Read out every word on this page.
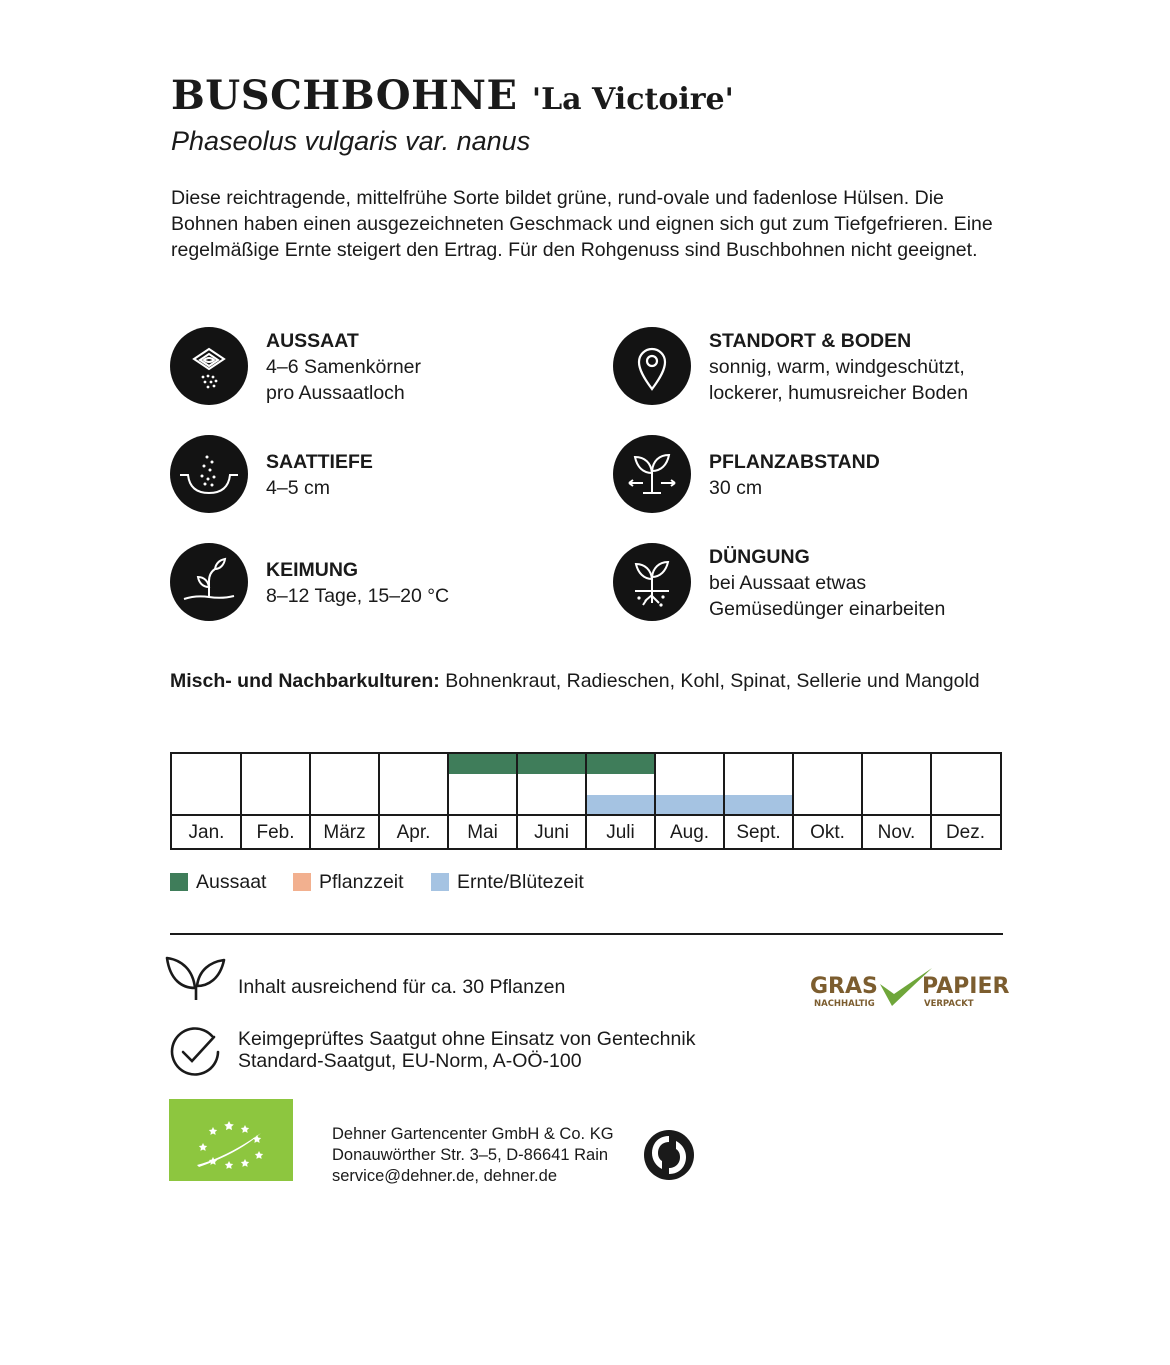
BUSCHBOHNE 'La Victoire'
Phaseolus vulgaris var. nanus

Diese reichtragende, mittelfrühe Sorte bildet grüne, rund-ovale und fadenlose Hülsen. Die

Bohnen haben einen ausgezeichneten Geschmack und eignen sich gut zum Tiefgefrieren. Eine

regelmäßige Ernte steigert den Ertrag. Für den Rohgenuss sind Buschbohnen nicht geeignet.

AUSSAAT
4–6 Samenkörner
pro Aussaatloch
STANDORT & BODEN
sonnig, warm, windgeschützt,
lockerer, humusreicher Boden
SAATTIEFE
4–5 cm
PFLANZABSTAND
30 cm
KEIMUNG
8–12 Tage, 15–20 °C
DÜNGUNG
bei Aussaat etwas
Gemüsedünger einarbeiten
Misch- und Nachbarkulturen: Bohnenkraut, Radieschen, Kohl, Spinat, Sellerie und Mangold
Jan.	Feb.	März	Apr.	Mai	Juni	Juli	Aug.	Sept.	Okt.	Nov.	Dez.
Aussaat	Pflanzzeit	Ernte/Blütezeit
Inhalt ausreichend für ca. 30 Pflanzen
Keimgeprüftes Saatgut ohne Einsatz von Gentechnik
Standard-Saatgut, EU-Norm, A-OÖ-100
GRAS
NACHHALTIG
PAPIER
VERPACKT
Dehner Gartencenter GmbH & Co. KG
Donauwörther Str. 3–5, D-86641 Rain
service@dehner.de, dehner.de
